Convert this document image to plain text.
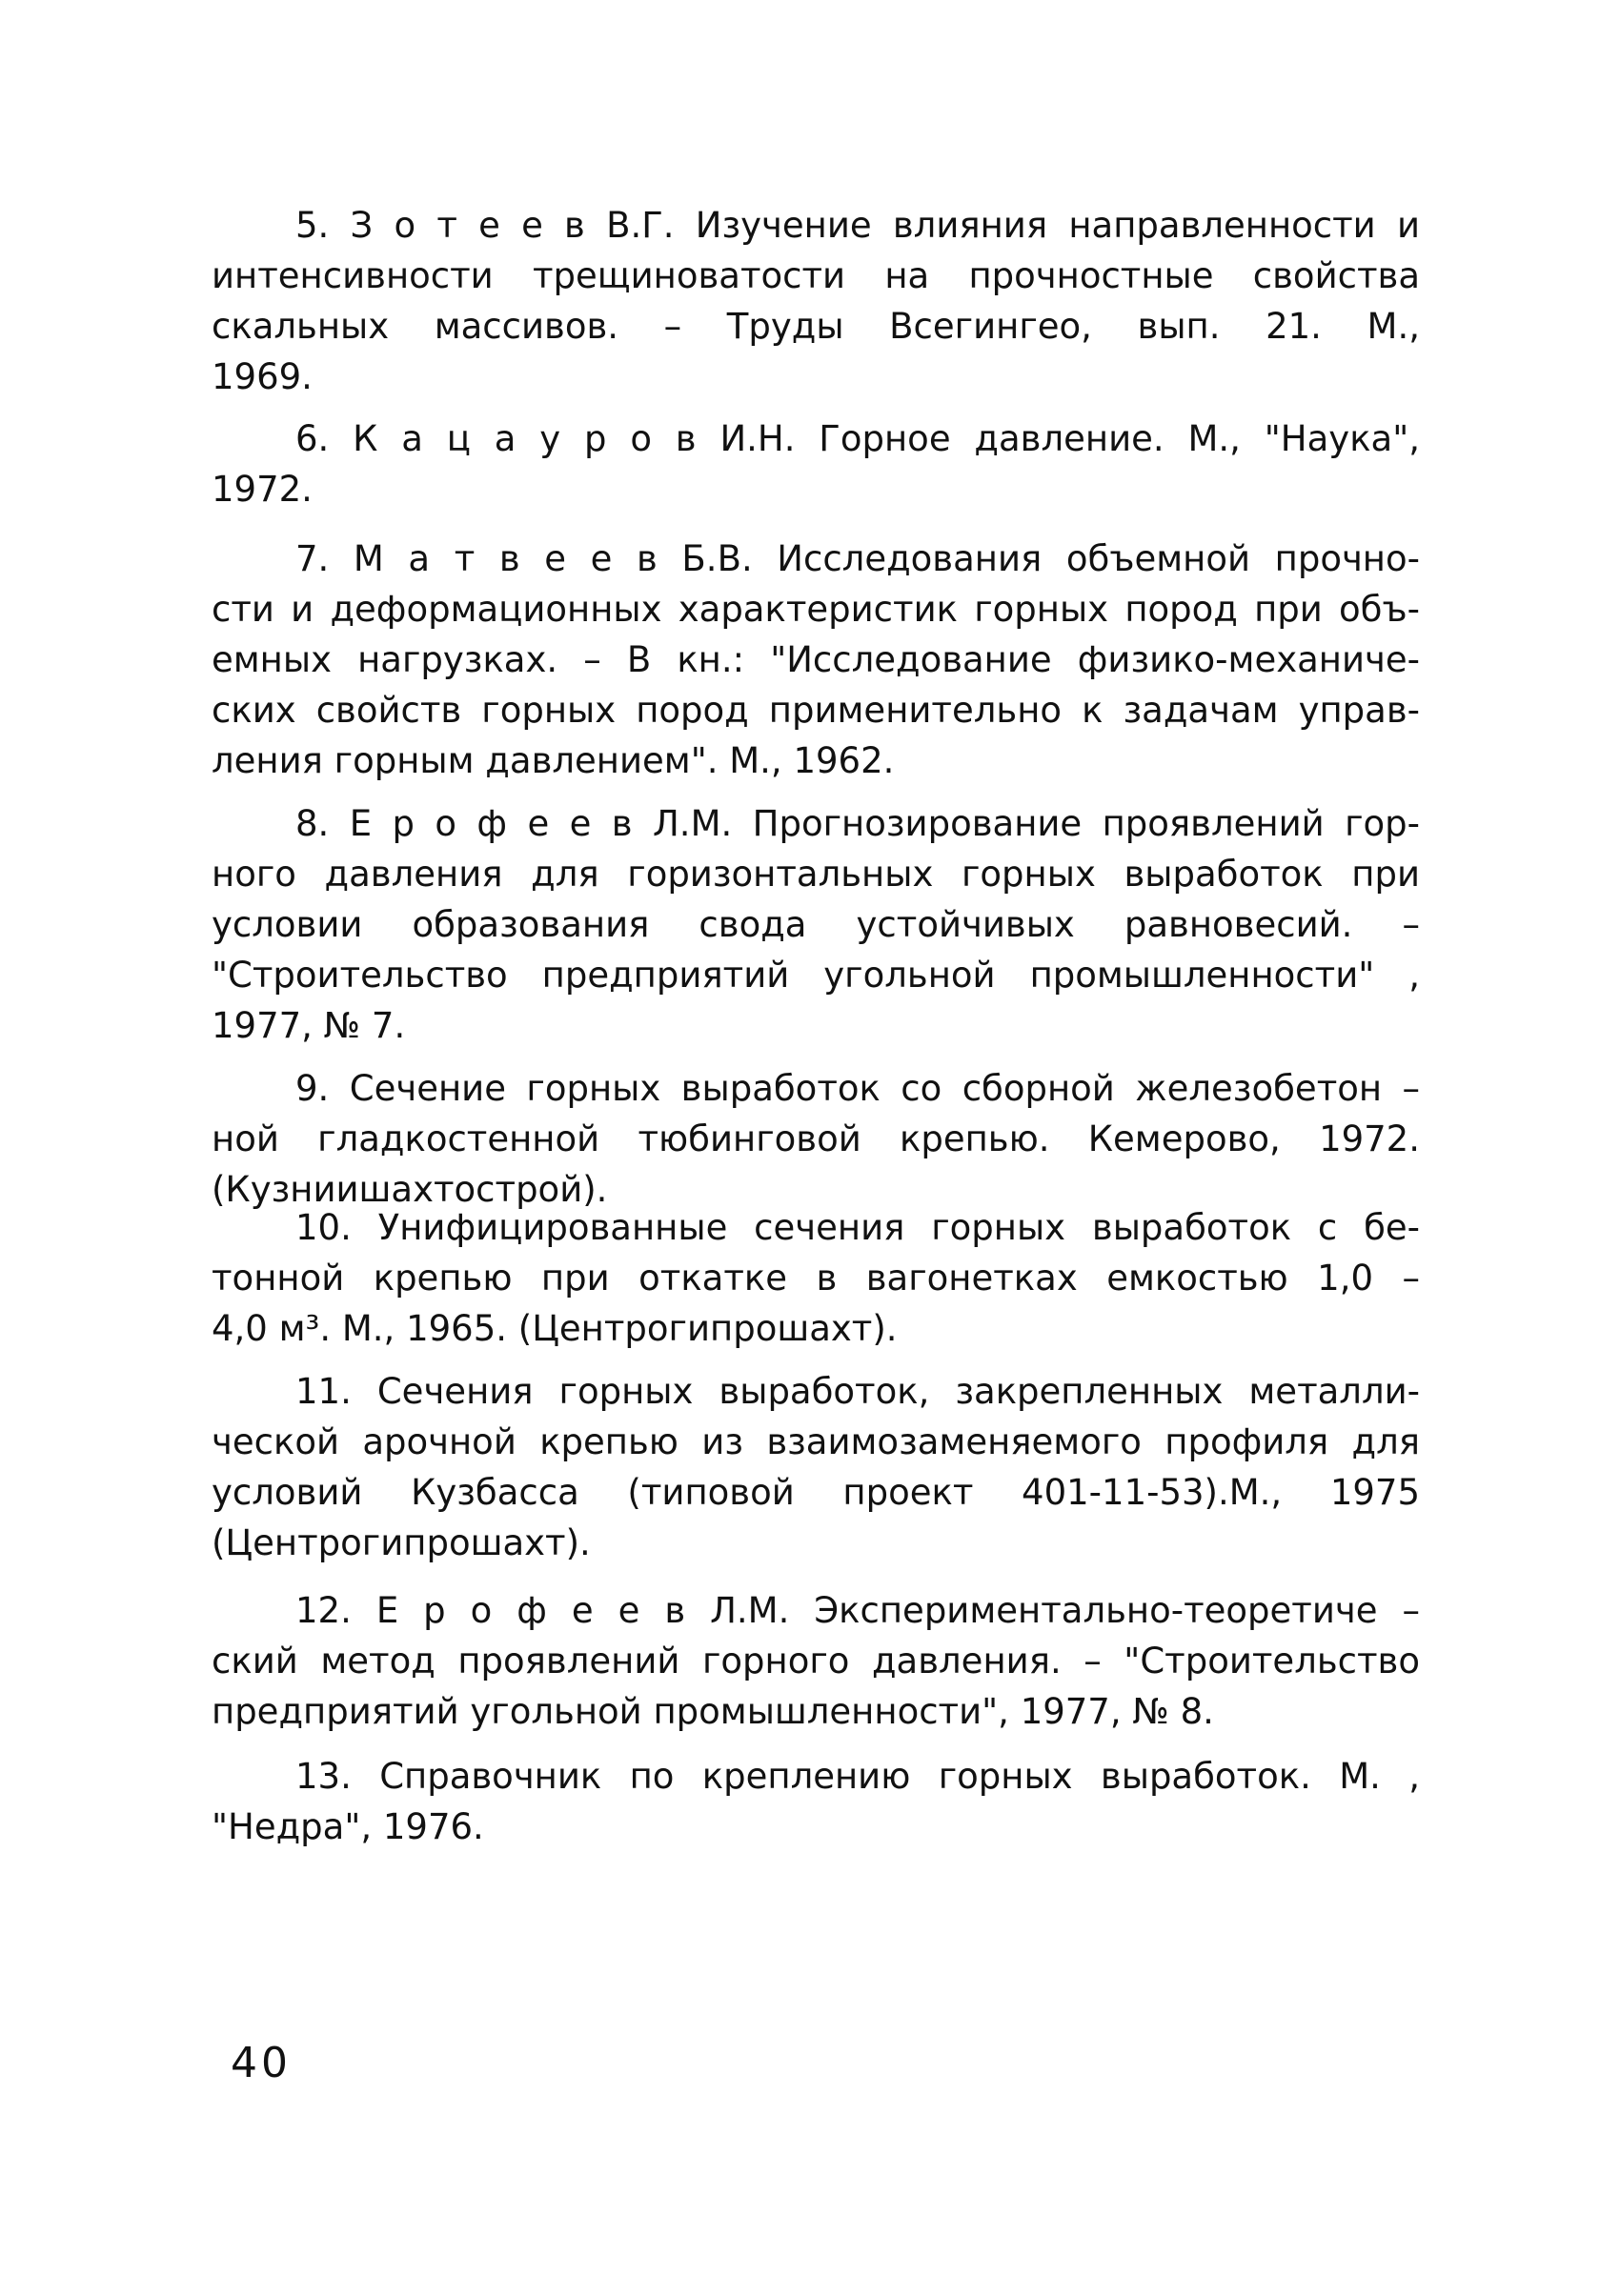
5. З о т е е в В.Г. Изучение влияния направленности и
интенсивности трещиноватости на прочностные свойства
скальных массивов. – Труды Всегингео, вып. 21. М.,
1969.
6. К а ц а у р о в И.Н. Горное давление. М., "Наука",
1972.
7. М а т в е е в Б.В. Исследования объемной прочно-
сти и деформационных характеристик горных пород при объ-
емных нагрузках. – В кн.: "Исследование физико-механиче-
ских свойств горных пород применительно к задачам управ-
ления горным давлением". М., 1962.
8. Е р о ф е е в Л.М. Прогнозирование проявлений гор-
ного давления для горизонтальных горных выработок при
условии образования свода устойчивых равновесий. –
"Строительство предприятий угольной промышленности" ,
1977, № 7.
9. Сечение горных выработок со сборной железобетон –
ной гладкостенной тюбинговой крепью. Кемерово, 1972.
(Кузниишахтострой).
10. Унифицированные сечения горных выработок с бе-
тонной крепью при откатке в вагонетках емкостью 1,0 –
4,0 м³. М., 1965. (Центрогипрошахт).
11. Сечения горных выработок, закрепленных металли-
ческой арочной крепью из взаимозаменяемого профиля для
условий Кузбасса (типовой проект 401-11-53).М., 1975
(Центрогипрошахт).
12. Е р о ф е е в Л.М. Экспериментально-теоретиче –
ский метод проявлений горного давления. – "Строительство
предприятий угольной промышленности", 1977, № 8.
13. Справочник по креплению горных выработок. М. ,
"Недра", 1976.
40
